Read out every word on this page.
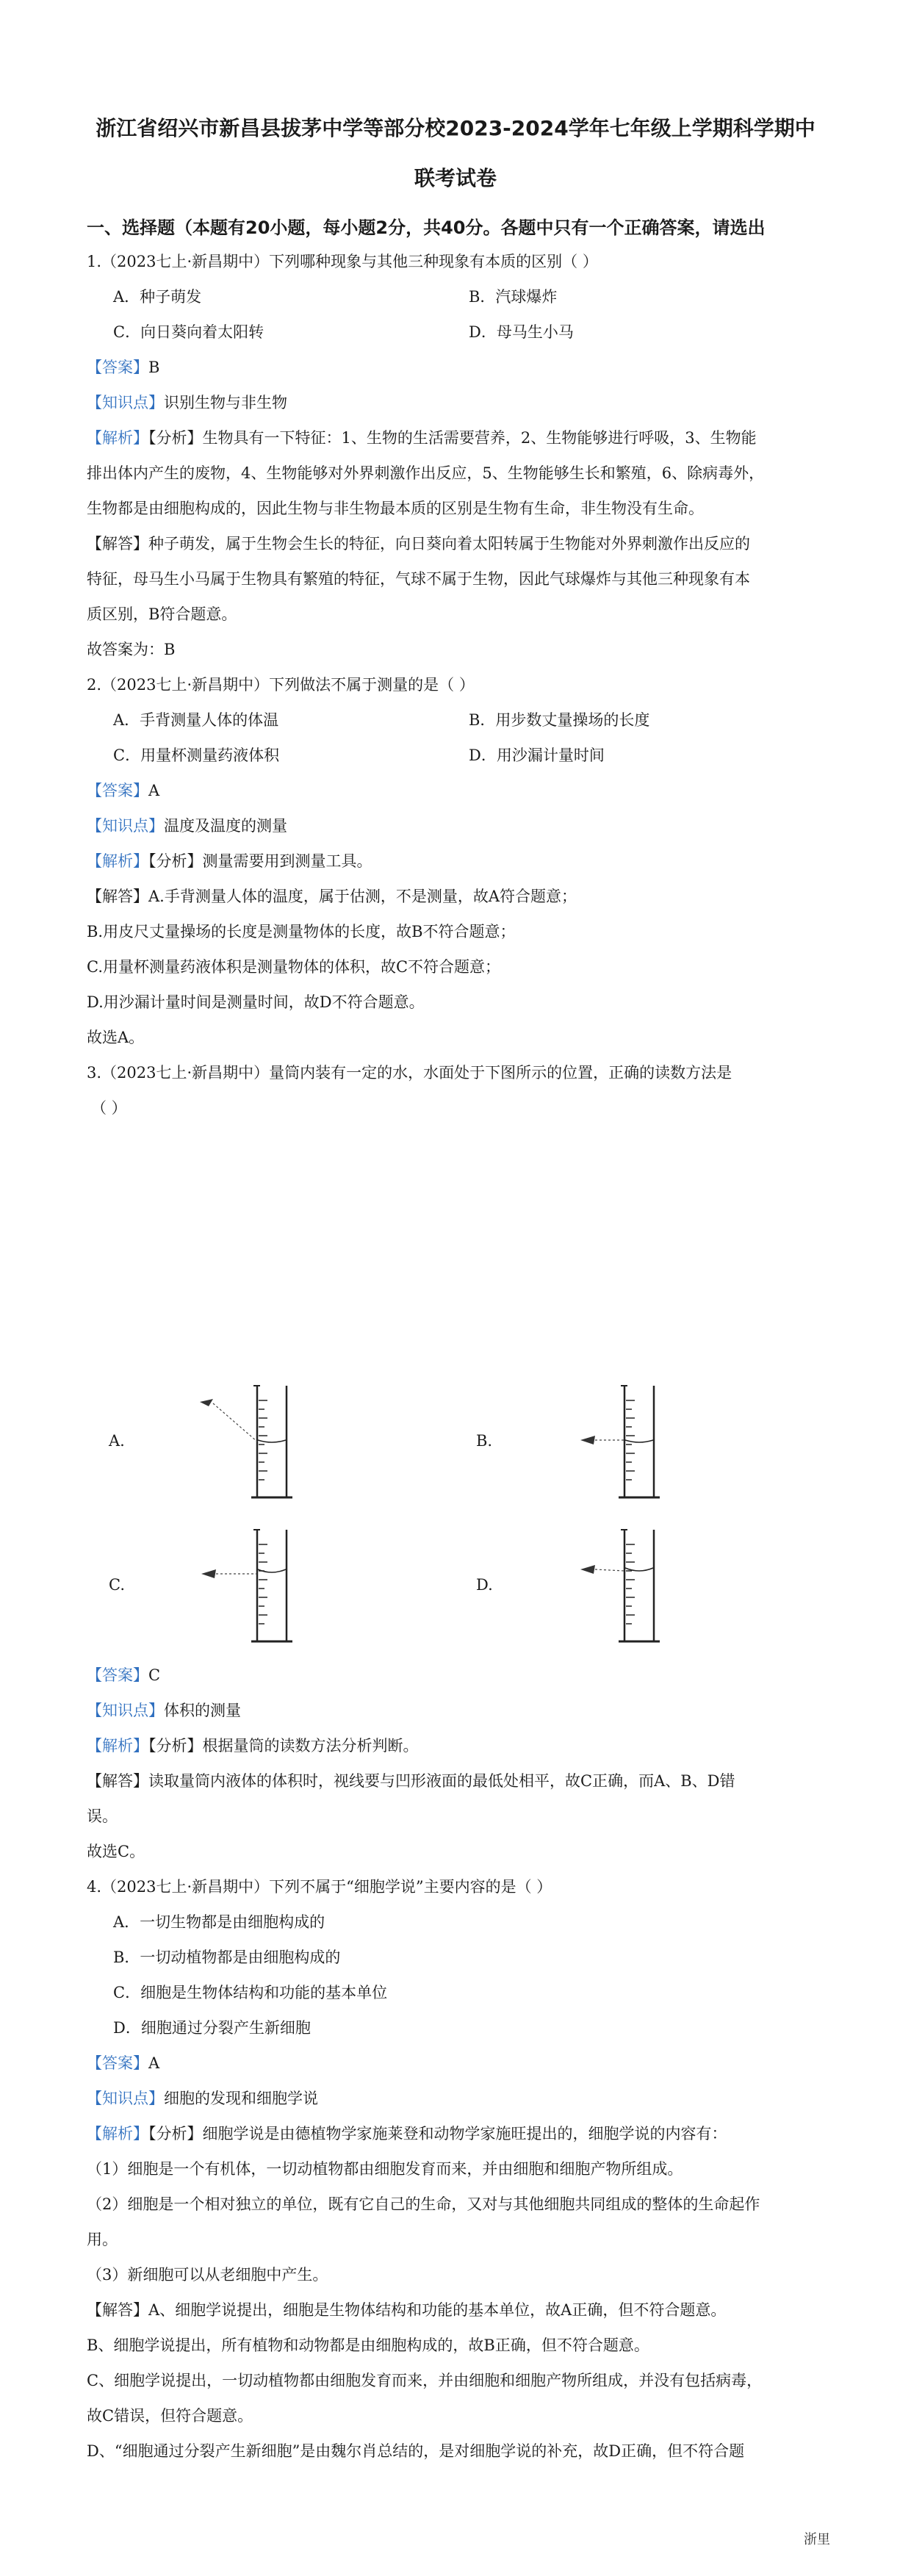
浙江省绍兴市新昌县拔茅中学等部分校2023-2024学年七年级上学期科学期中

联考试卷

一、选择题（本题有20小题，每小题2分，共40分。各题中只有一个正确答案，请选出

1.（2023七上·新昌期中）下列哪种现象与其他三种现象有本质的区别（ ）

A．种子萌发	B．汽球爆炸
C．向日葵向着太阳转	D．母马生小马

【答案】B

【知识点】识别生物与非生物

【解析】【分析】生物具有一下特征：1、生物的生活需要营养，2、生物能够进行呼吸，3、生物能

排出体内产生的废物，4、生物能够对外界刺激作出反应，5、生物能够生长和繁殖，6、除病毒外，

生物都是由细胞构成的，因此生物与非生物最本质的区别是生物有生命，非生物没有生命。

【解答】种子萌发，属于生物会生长的特征，向日葵向着太阳转属于生物能对外界刺激作出反应的

特征，母马生小马属于生物具有繁殖的特征，气球不属于生物，因此气球爆炸与其他三种现象有本

质区别，B符合题意。

故答案为：B

2.（2023七上·新昌期中）下列做法不属于测量的是（ ）

A．手背测量人体的体温	B．用步数丈量操场的长度
C．用量杯测量药液体积	D．用沙漏计量时间

【答案】A

【知识点】温度及温度的测量

【解析】【分析】测量需要用到测量工具。

【解答】A.手背测量人体的温度，属于估测，不是测量，故A符合题意；

B.用皮尺丈量操场的长度是测量物体的长度，故B不符合题意；

C.用量杯测量药液体积是测量物体的体积，故C不符合题意；

D.用沙漏计量时间是测量时间，故D不符合题意。

故选A。

3.（2023七上·新昌期中）量筒内装有一定的水，水面处于下图所示的位置，正确的读数方法是

（ ）

A.	B.
C.	D.

【答案】C

【知识点】体积的测量

【解析】【分析】根据量筒的读数方法分析判断。

【解答】读取量筒内液体的体积时，视线要与凹形液面的最低处相平，故C正确，而A、B、D错

误。

故选C。

4.（2023七上·新昌期中）下列不属于“细胞学说”主要内容的是（ ）

A．一切生物都是由细胞构成的
B．一切动植物都是由细胞构成的
C．细胞是生物体结构和功能的基本单位
D．细胞通过分裂产生新细胞

【答案】A

【知识点】细胞的发现和细胞学说

【解析】【分析】细胞学说是由德植物学家施莱登和动物学家施旺提出的，细胞学说的内容有：

（1）细胞是一个有机体，一切动植物都由细胞发育而来，并由细胞和细胞产物所组成。

（2）细胞是一个相对独立的单位，既有它自己的生命，又对与其他细胞共同组成的整体的生命起作

用。

（3）新细胞可以从老细胞中产生。

【解答】A、细胞学说提出，细胞是生物体结构和功能的基本单位，故A正确，但不符合题意。

B、细胞学说提出，所有植物和动物都是由细胞构成的，故B正确，但不符合题意。

C、细胞学说提出，一切动植物都由细胞发育而来，并由细胞和细胞产物所组成，并没有包括病毒，

故C错误，但符合题意。

D、“细胞通过分裂产生新细胞”是由魏尔肖总结的，是对细胞学说的补充，故D正确，但不符合题

浙里
